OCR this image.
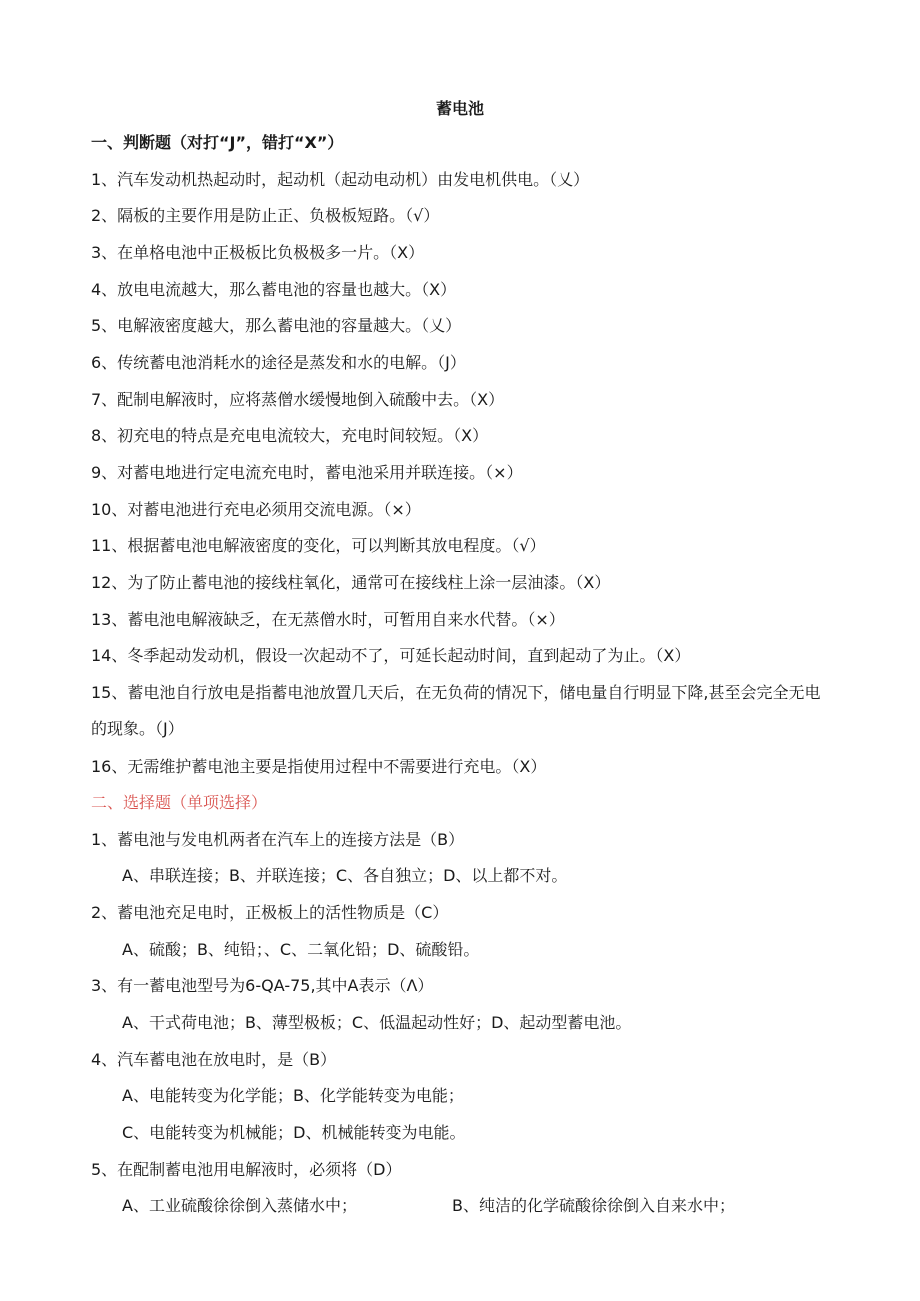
蓄电池
一、判断题（对打“J”，错打“X”）
1、汽车发动机热起动时，起动机（起动电动机）由发电机供电。（乂）
2、隔板的主要作用是防止正、负极板短路。（√）
3、在单格电池中正极板比负极极多一片。（X）
4、放电电流越大，那么蓄电池的容量也越大。（X）
5、电解液密度越大，那么蓄电池的容量越大。（乂）
6、传统蓄电池消耗水的途径是蒸发和水的电解。（J）
7、配制电解液时，应将蒸僧水缓慢地倒入硫酸中去。（X）
8、初充电的特点是充电电流较大，充电时间较短。（X）
9、对蓄电地进行定电流充电时，蓄电池采用并联连接。（×）
10、对蓄电池进行充电必须用交流电源。（×）
11、根据蓄电池电解液密度的变化，可以判断其放电程度。（√）
12、为了防止蓄电池的接线柱氧化，通常可在接线柱上涂一层油漆。（X）
13、蓄电池电解液缺乏，在无蒸僧水时，可暂用自来水代替。（×）
14、冬季起动发动机，假设一次起动不了，可延长起动时间，直到起动了为止。（X）
15、蓄电池自行放电是指蓄电池放置几天后，在无负荷的情况下，储电量自行明显下降,甚至会完全无电的现象。（J）
16、无需维护蓄电池主要是指使用过程中不需要进行充电。（X）
二、选择题（单项选择）
1、蓄电池与发电机两者在汽车上的连接方法是（B）
A、串联连接；B、并联连接；C、各自独立；D、以上都不对。
2、蓄电池充足电时，正极板上的活性物质是（C）
A、硫酸；B、纯铅；、C、二氧化铅；D、硫酸铅。
3、有一蓄电池型号为6-QA-75,其中A表示（Λ）
A、干式荷电池；B、薄型极板；C、低温起动性好；D、起动型蓄电池。
4、汽车蓄电池在放电时，是（B）
A、电能转变为化学能；B、化学能转变为电能；
C、电能转变为机械能；D、机械能转变为电能。
5、在配制蓄电池用电解液时，必须将（D）
A、工业硫酸徐徐倒入蒸储水中；	B、纯洁的化学硫酸徐徐倒入自来水中；
